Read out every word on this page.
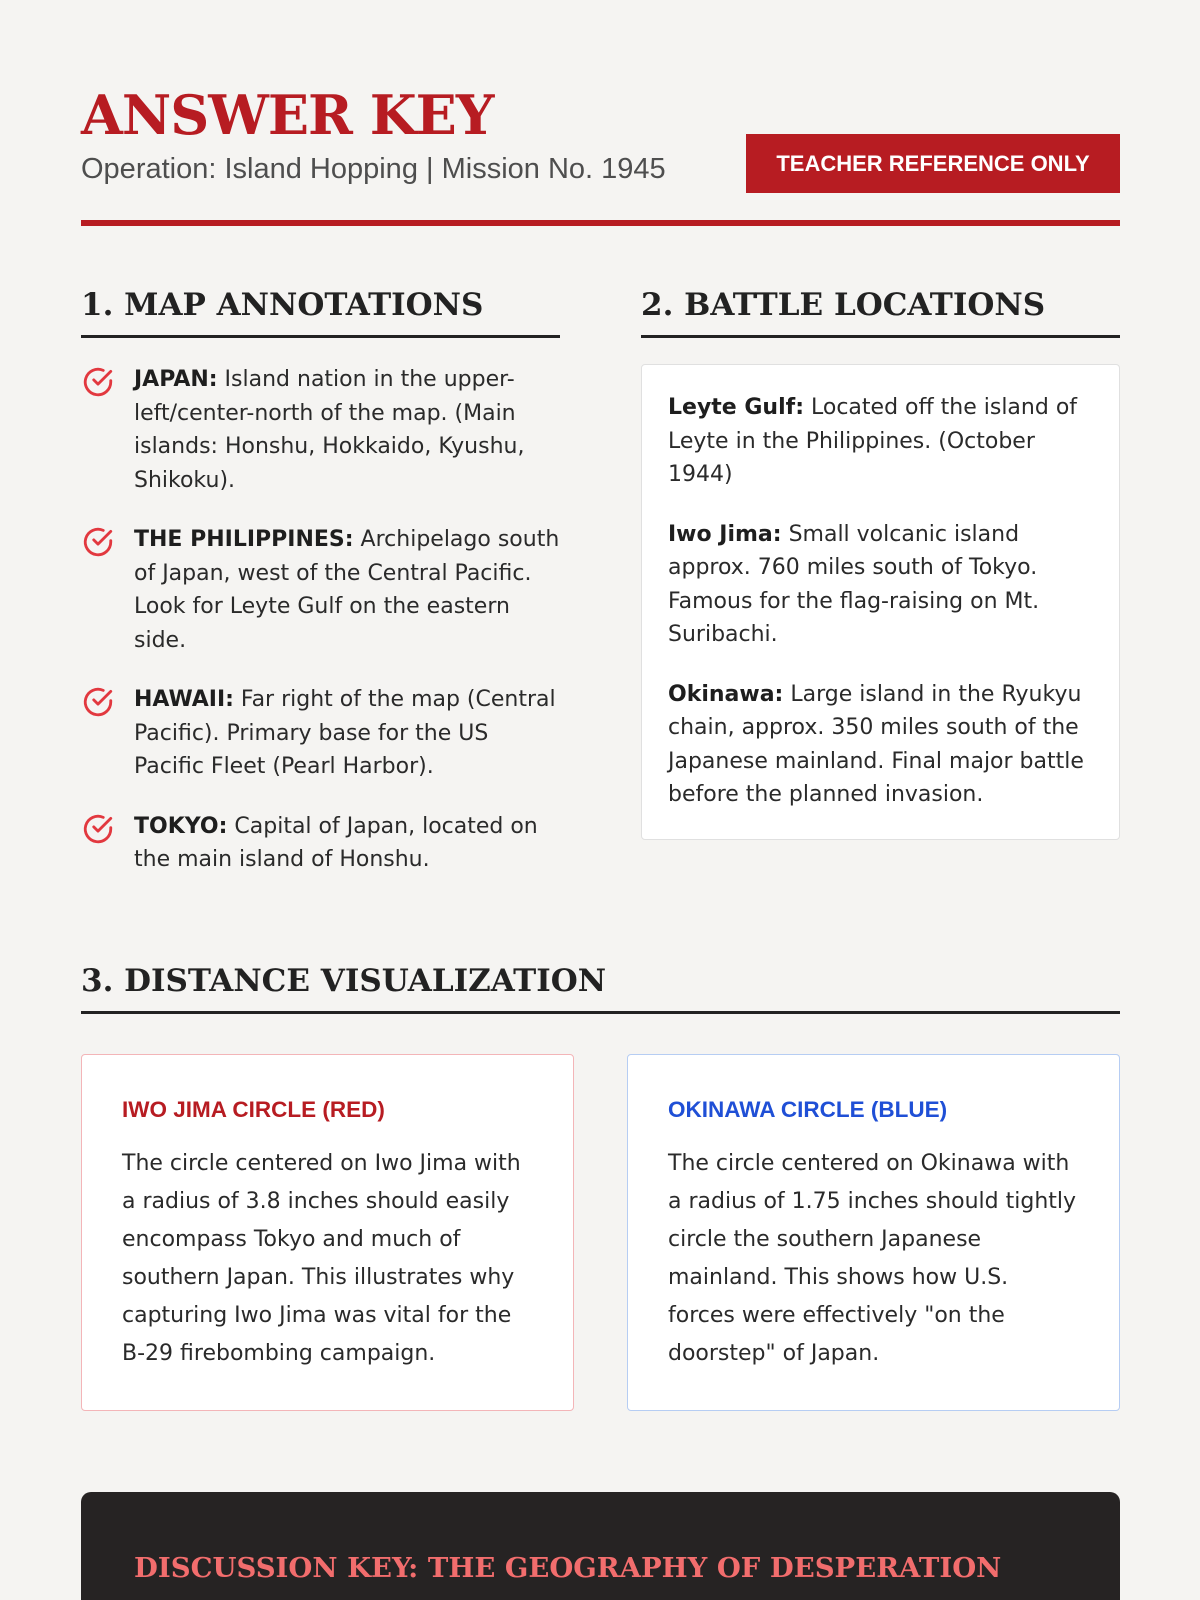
ANSWER KEY
Operation: Island Hopping | Mission No. 1945	TEACHER REFERENCE ONLY
1. MAP ANNOTATIONS

JAPAN: Island nation in the upper-left/center-north of the map. (Main islands: Honshu, Hokkaido, Kyushu, Shikoku).

THE PHILIPPINES: Archipelago south of Japan, west of the Central Pacific. Look for Leyte Gulf on the eastern side.

HAWAII: Far right of the map (Central Pacific). Primary base for the US Pacific Fleet (Pearl Harbor).

TOKYO: Capital of Japan, located on the main island of Honshu.

2. BATTLE LOCATIONS

Leyte Gulf: Located off the island of Leyte in the Philippines. (October 1944)

Iwo Jima: Small volcanic island approx. 760 miles south of Tokyo. Famous for the flag-raising on Mt. Suribachi.

Okinawa: Large island in the Ryukyu chain, approx. 350 miles south of the Japanese mainland. Final major battle before the planned invasion.

3. DISTANCE VISUALIZATION
IWO JIMA CIRCLE (RED)

The circle centered on Iwo Jima with a radius of 3.8 inches should easily encompass Tokyo and much of southern Japan. This illustrates why capturing Iwo Jima was vital for the B-29 firebombing campaign.

OKINAWA CIRCLE (BLUE)

The circle centered on Okinawa with a radius of 1.75 inches should tightly circle the southern Japanese mainland. This shows how U.S. forces were effectively "on the doorstep" of Japan.

DISCUSSION KEY: THE GEOGRAPHY OF DESPERATION
